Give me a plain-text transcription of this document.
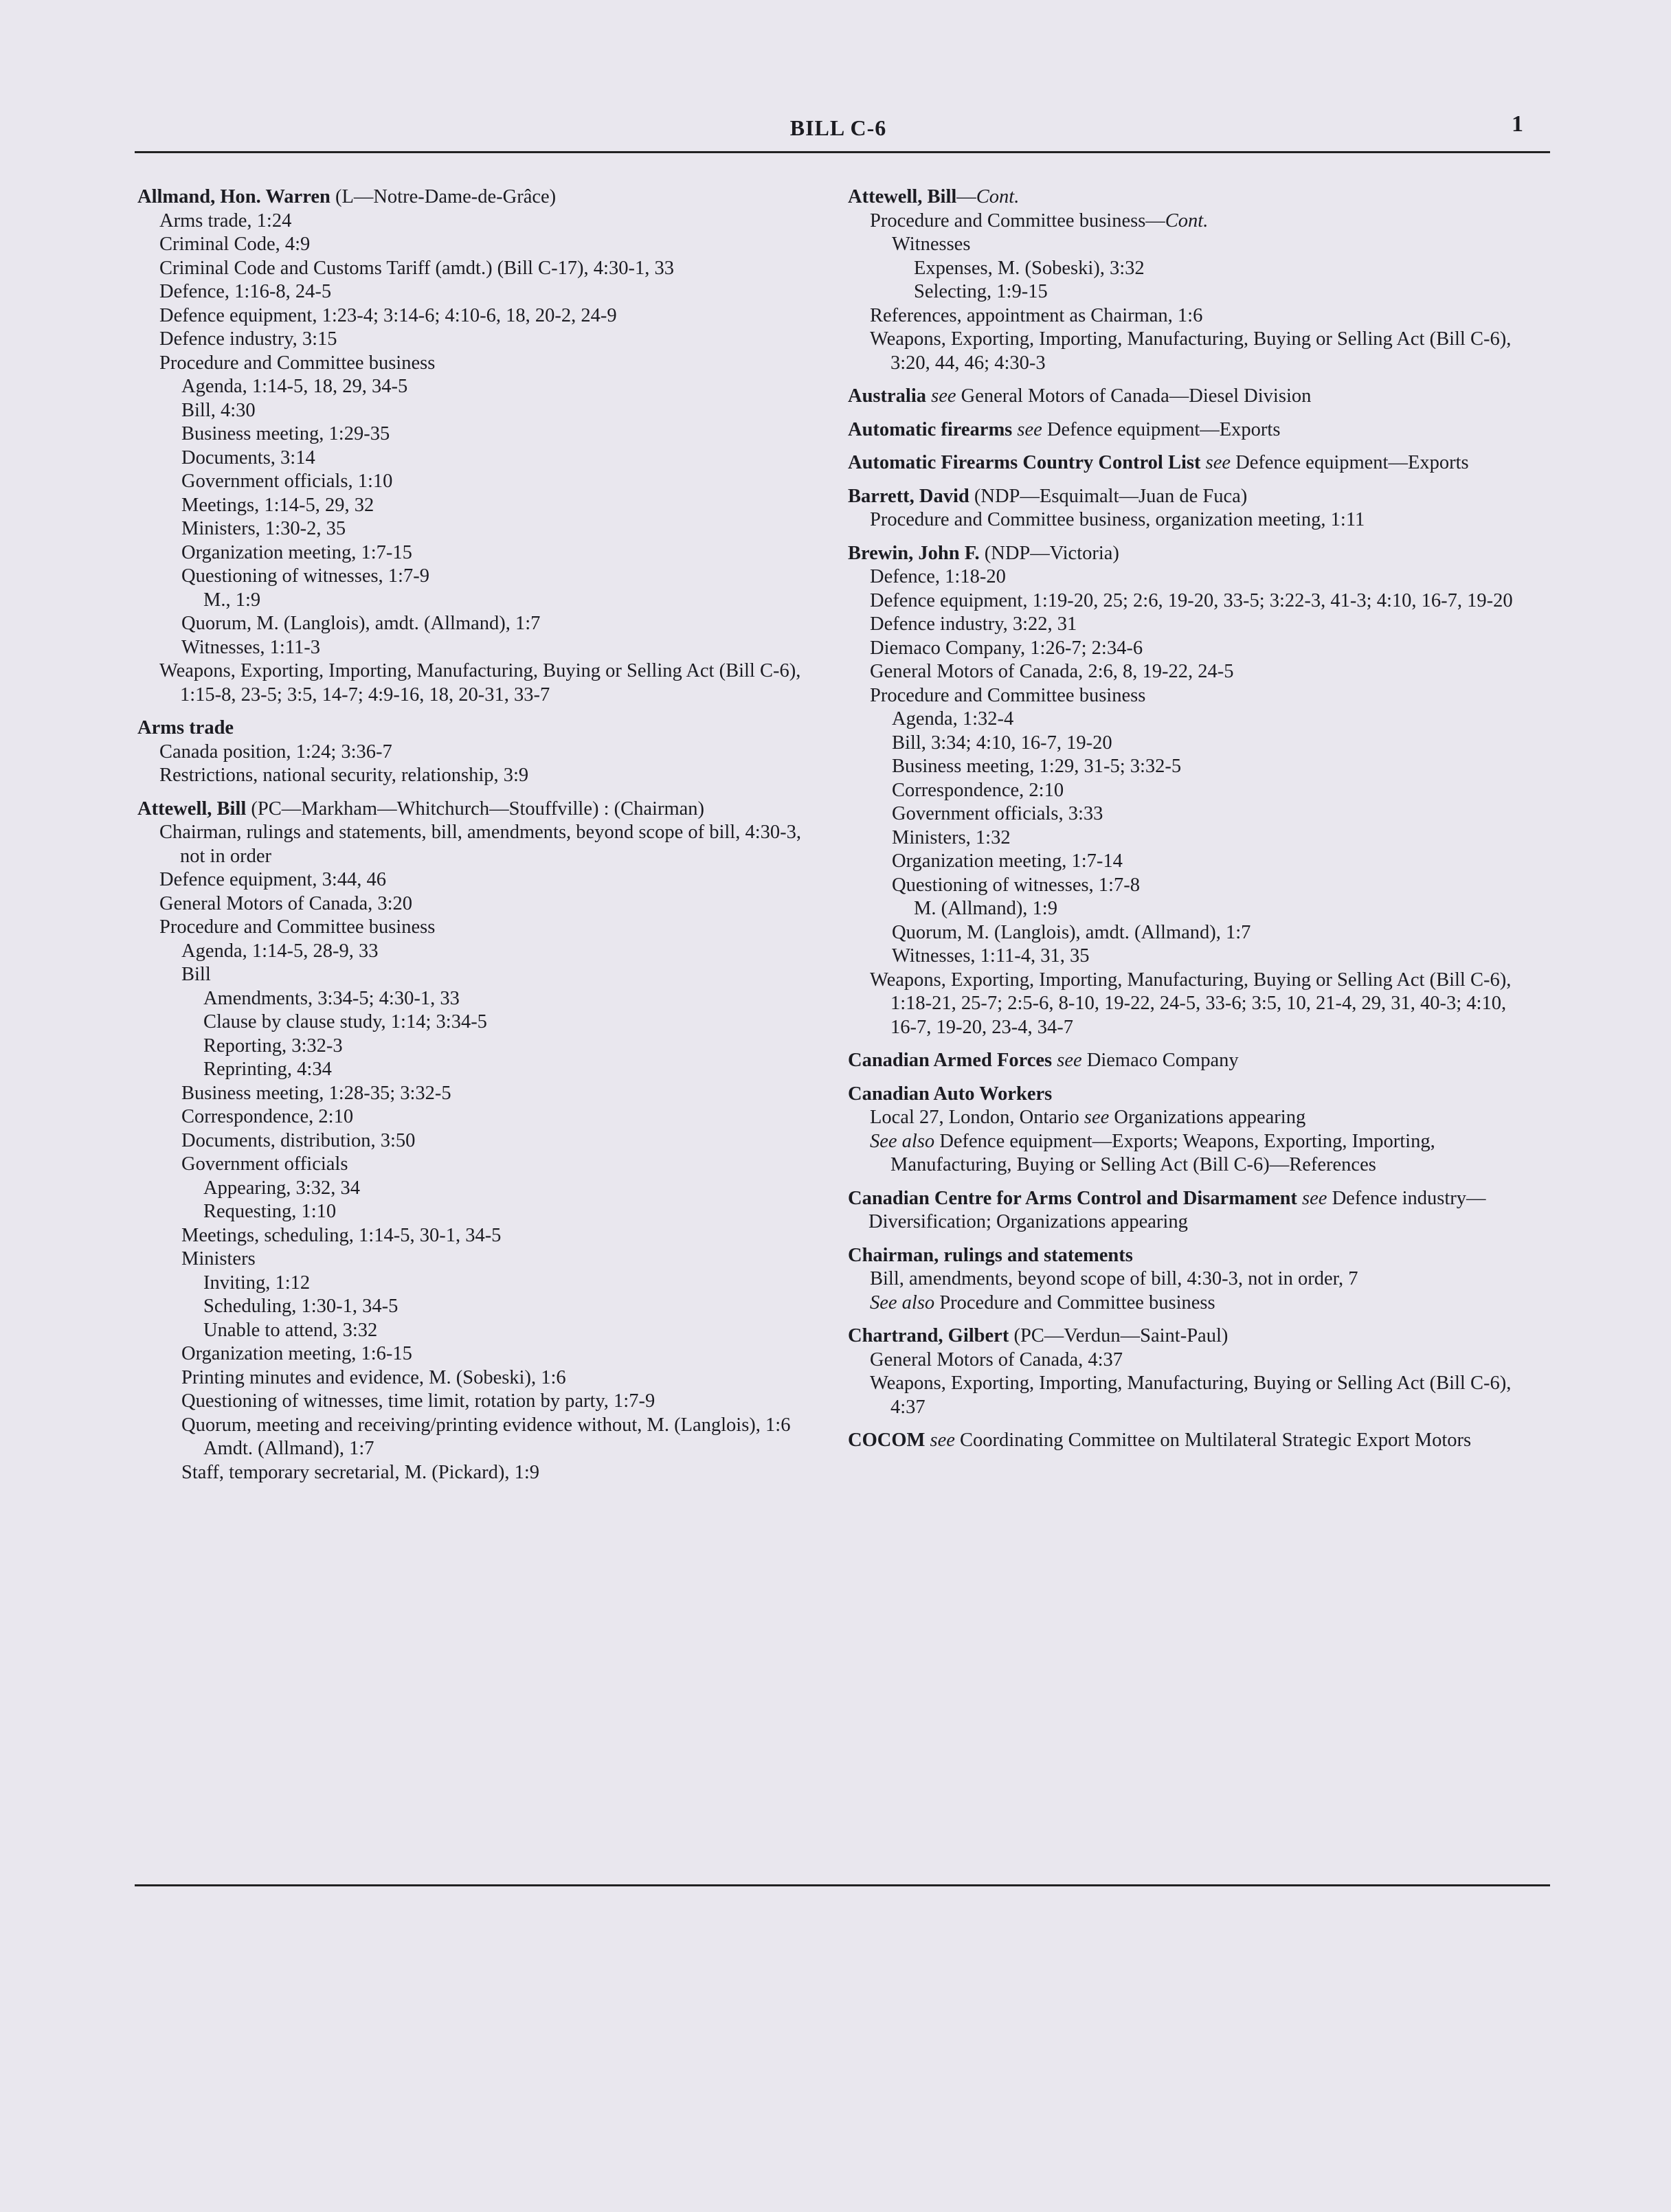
BILL C-6	1

Allmand, Hon. Warren (L—Notre-Dame-de-Grâce)

Arms trade, 1:24

Criminal Code, 4:9

Criminal Code and Customs Tariff (amdt.) (Bill C-17), 4:30-1, 33

Defence, 1:16-8, 24-5

Defence equipment, 1:23-4; 3:14-6; 4:10-6, 18, 20-2, 24-9

Defence industry, 3:15

Procedure and Committee business

Agenda, 1:14-5, 18, 29, 34-5

Bill, 4:30

Business meeting, 1:29-35

Documents, 3:14

Government officials, 1:10

Meetings, 1:14-5, 29, 32

Ministers, 1:30-2, 35

Organization meeting, 1:7-15

Questioning of witnesses, 1:7-9

M., 1:9

Quorum, M. (Langlois), amdt. (Allmand), 1:7

Witnesses, 1:11-3

Weapons, Exporting, Importing, Manufacturing, Buying or Selling Act (Bill C-6), 1:15-8, 23-5; 3:5, 14-7; 4:9-16, 18, 20-31, 33-7

Arms trade

Canada position, 1:24; 3:36-7

Restrictions, national security, relationship, 3:9

Attewell, Bill (PC—Markham—Whitchurch—Stouffville) : (Chairman)

Chairman, rulings and statements, bill, amendments, beyond scope of bill, 4:30-3, not in order

Defence equipment, 3:44, 46

General Motors of Canada, 3:20

Procedure and Committee business

Agenda, 1:14-5, 28-9, 33

Bill

Amendments, 3:34-5; 4:30-1, 33

Clause by clause study, 1:14; 3:34-5

Reporting, 3:32-3

Reprinting, 4:34

Business meeting, 1:28-35; 3:32-5

Correspondence, 2:10

Documents, distribution, 3:50

Government officials

Appearing, 3:32, 34

Requesting, 1:10

Meetings, scheduling, 1:14-5, 30-1, 34-5

Ministers

Inviting, 1:12

Scheduling, 1:30-1, 34-5

Unable to attend, 3:32

Organization meeting, 1:6-15

Printing minutes and evidence, M. (Sobeski), 1:6

Questioning of witnesses, time limit, rotation by party, 1:7-9

Quorum, meeting and receiving/printing evidence without, M. (Langlois), 1:6

Amdt. (Allmand), 1:7

Staff, temporary secretarial, M. (Pickard), 1:9

Attewell, Bill—Cont.

Procedure and Committee business—Cont.

Witnesses

Expenses, M. (Sobeski), 3:32

Selecting, 1:9-15

References, appointment as Chairman, 1:6

Weapons, Exporting, Importing, Manufacturing, Buying or Selling Act (Bill C-6), 3:20, 44, 46; 4:30-3

Australia see General Motors of Canada—Diesel Division

Automatic firearms see Defence equipment—Exports

Automatic Firearms Country Control List see Defence equipment—Exports

Barrett, David (NDP—Esquimalt—Juan de Fuca)

Procedure and Committee business, organization meeting, 1:11

Brewin, John F. (NDP—Victoria)

Defence, 1:18-20

Defence equipment, 1:19-20, 25; 2:6, 19-20, 33-5; 3:22-3, 41-3; 4:10, 16-7, 19-20

Defence industry, 3:22, 31

Diemaco Company, 1:26-7; 2:34-6

General Motors of Canada, 2:6, 8, 19-22, 24-5

Procedure and Committee business

Agenda, 1:32-4

Bill, 3:34; 4:10, 16-7, 19-20

Business meeting, 1:29, 31-5; 3:32-5

Correspondence, 2:10

Government officials, 3:33

Ministers, 1:32

Organization meeting, 1:7-14

Questioning of witnesses, 1:7-8

M. (Allmand), 1:9

Quorum, M. (Langlois), amdt. (Allmand), 1:7

Witnesses, 1:11-4, 31, 35

Weapons, Exporting, Importing, Manufacturing, Buying or Selling Act (Bill C-6), 1:18-21, 25-7; 2:5-6, 8-10, 19-22, 24-5, 33-6; 3:5, 10, 21-4, 29, 31, 40-3; 4:10, 16-7, 19-20, 23-4, 34-7

Canadian Armed Forces see Diemaco Company

Canadian Auto Workers

Local 27, London, Ontario see Organizations appearing

See also Defence equipment—Exports; Weapons, Exporting, Importing, Manufacturing, Buying or Selling Act (Bill C-6)—References

Canadian Centre for Arms Control and Disarmament see Defence industry—Diversification; Organizations appearing

Chairman, rulings and statements

Bill, amendments, beyond scope of bill, 4:30-3, not in order, 7

See also Procedure and Committee business

Chartrand, Gilbert (PC—Verdun—Saint-Paul)

General Motors of Canada, 4:37

Weapons, Exporting, Importing, Manufacturing, Buying or Selling Act (Bill C-6), 4:37

COCOM see Coordinating Committee on Multilateral Strategic Export Motors
